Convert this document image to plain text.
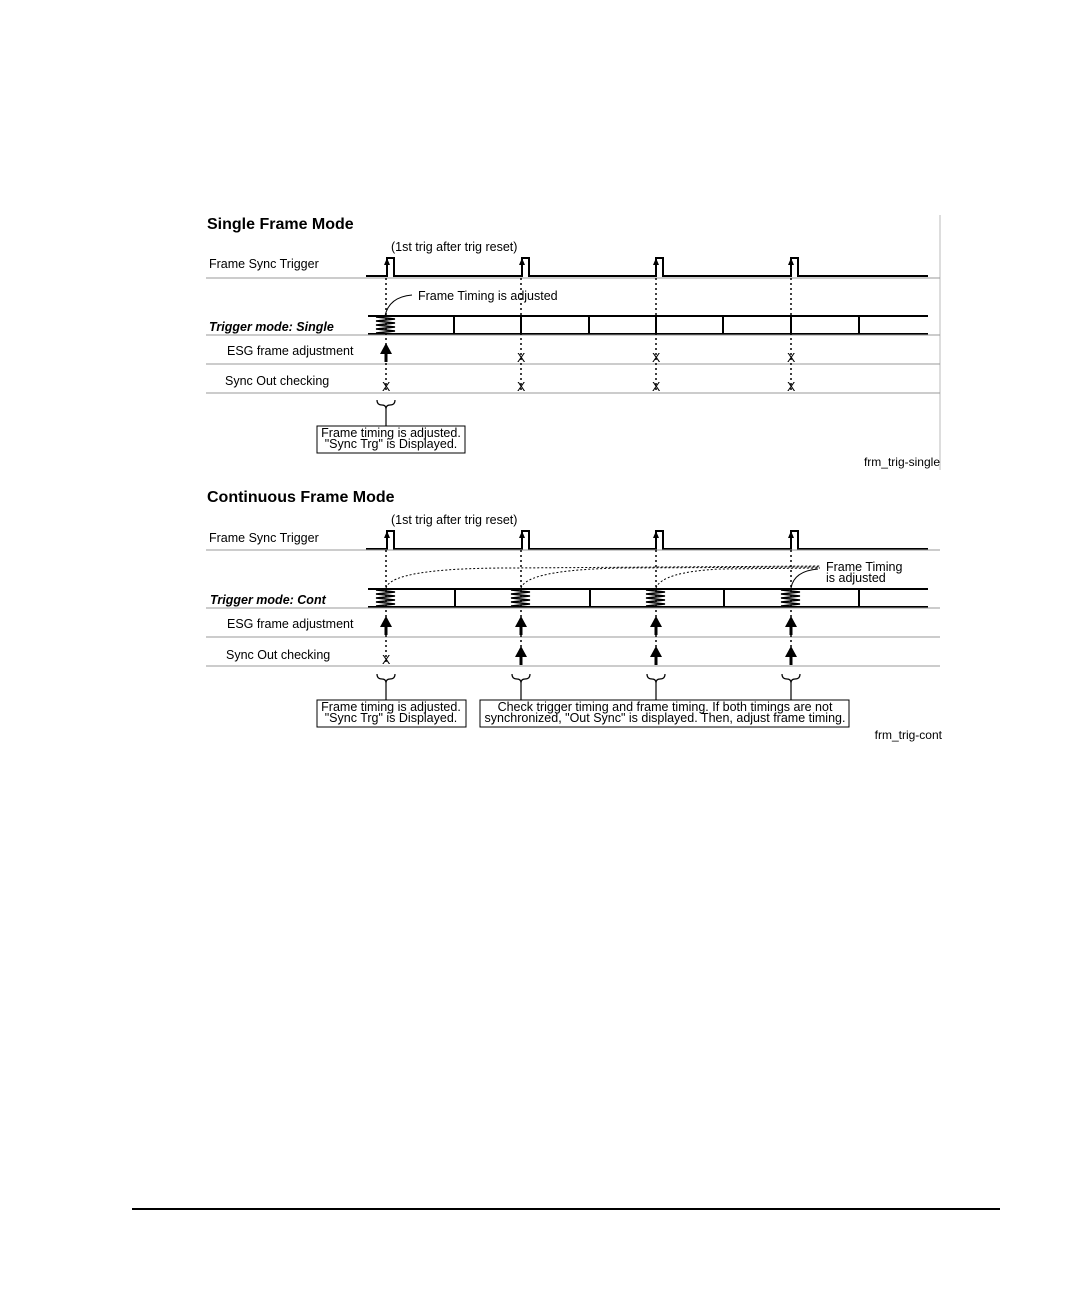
Single Frame Mode
(1st trig after trig reset)
Frame Sync Trigger
Frame Timing is adjusted
Trigger mode: Single
ESG frame adjustment
Sync Out checking
X	X	X
X	X	X	X
Frame timing is adjusted.
"Sync Trg" is Displayed.
frm_trig-single
Continuous Frame Mode
(1st trig after trig reset)
Frame Sync Trigger
Frame Timing
is adjusted
Trigger mode: Cont
ESG frame adjustment
Sync Out checking	X
Frame timing is adjusted.
"Sync Trg" is Displayed.
Check trigger timing and frame timing. If both timings are not
synchronized, "Out Sync" is displayed. Then, adjust frame timing.
frm_trig-cont
